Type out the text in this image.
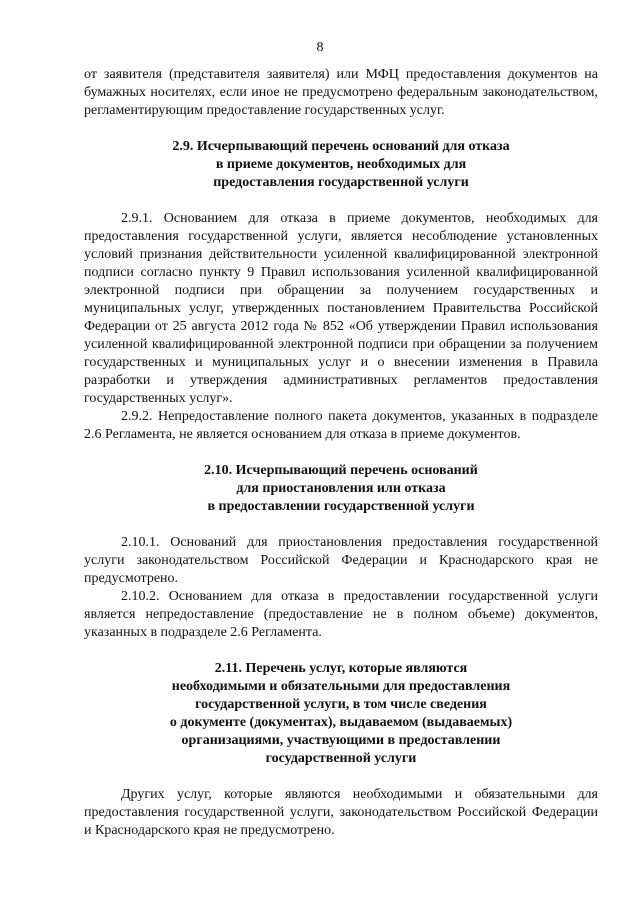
8

от заявителя (представителя заявителя) или МФЦ предоставления документов на бумажных носителях, если иное не предусмотрено федеральным законодательством, регламентирующим предоставление государственных услуг.

2.9. Исчерпывающий перечень оснований для отказа
в приеме документов, необходимых для
предоставления государственной услуги

2.9.1. Основанием для отказа в приеме документов, необходимых для предоставления государственной услуги, является несоблюдение установленных условий признания действительности усиленной квалифицированной электронной подписи согласно пункту 9 Правил использования усиленной квалифицированной электронной подписи при обращении за получением государственных и муниципальных услуг, утвержденных постановлением Правительства Российской Федерации от 25 августа 2012 года № 852 «Об утверждении Правил использования усиленной квалифицированной электронной подписи при обращении за получением государственных и муниципальных услуг и о внесении изменения в Правила разработки и утверждения административных регламентов предоставления государственных услуг».

2.9.2. Непредоставление полного пакета документов, указанных в подразделе 2.6 Регламента, не является основанием для отказа в приеме документов.

2.10. Исчерпывающий перечень оснований
для приостановления или отказа
в предоставлении государственной услуги

2.10.1. Оснований для приостановления предоставления государственной услуги законодательством Российской Федерации и Краснодарского края не предусмотрено.

2.10.2. Основанием для отказа в предоставлении государственной услуги является непредоставление (предоставление не в полном объеме) документов, указанных в подразделе 2.6 Регламента.

2.11. Перечень услуг, которые являются
необходимыми и обязательными для предоставления
государственной услуги, в том числе сведения
о документе (документах), выдаваемом (выдаваемых)
организациями, участвующими в предоставлении
государственной услуги

Других услуг, которые являются необходимыми и обязательными для предоставления государственной услуги, законодательством Российской Федерации и Краснодарского края не предусмотрено.
